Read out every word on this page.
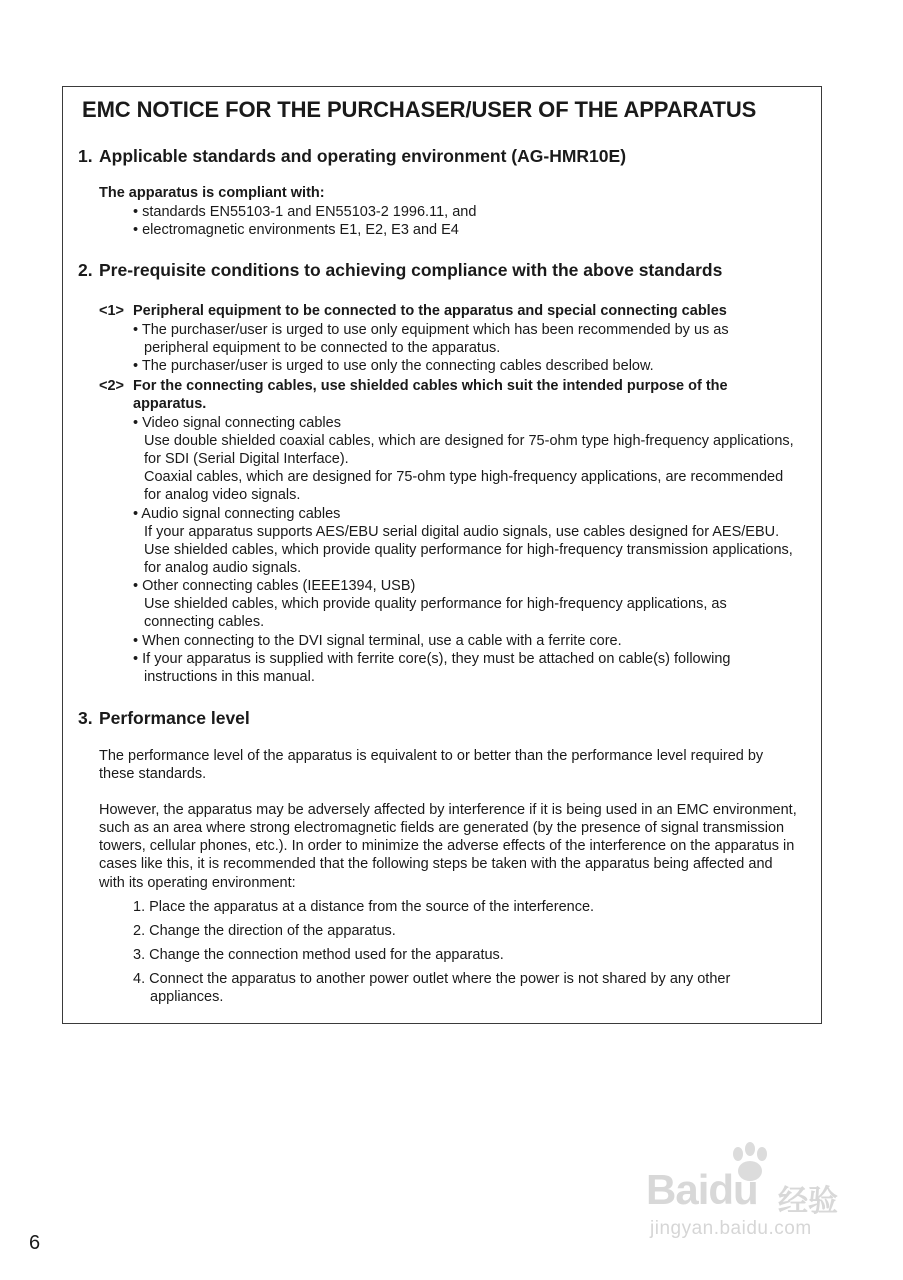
EMC NOTICE FOR THE PURCHASER/USER OF THE APPARATUS
1. Applicable standards and operating environment (AG-HMR10E)
The apparatus is compliant with:
• standards EN55103-1 and EN55103-2 1996.11, and
• electromagnetic environments E1, E2, E3 and E4
2. Pre-requisite conditions to achieving compliance with the above standards
<1> Peripheral equipment to be connected to the apparatus and special connecting cables
• The purchaser/user is urged to use only equipment which has been recommended by us as
peripheral equipment to be connected to the apparatus.
• The purchaser/user is urged to use only the connecting cables described below.
<2> For the connecting cables, use shielded cables which suit the intended purpose of the
apparatus.
• Video signal connecting cables
Use double shielded coaxial cables, which are designed for 75-ohm type high-frequency applications,
for SDI (Serial Digital Interface).
Coaxial cables, which are designed for 75-ohm type high-frequency applications, are recommended
for analog video signals.
• Audio signal connecting cables
If your apparatus supports AES/EBU serial digital audio signals, use cables designed for AES/EBU.
Use shielded cables, which provide quality performance for high-frequency transmission applications,
for analog audio signals.
• Other connecting cables (IEEE1394, USB)
Use shielded cables, which provide quality performance for high-frequency applications, as
connecting cables.
• When connecting to the DVI signal terminal, use a cable with a ferrite core.
• If your apparatus is supplied with ferrite core(s), they must be attached on cable(s) following
instructions in this manual.
3. Performance level
The performance level of the apparatus is equivalent to or better than the performance level required by
these standards.
However, the apparatus may be adversely affected by interference if it is being used in an EMC environment,
such as an area where strong electromagnetic fields are generated (by the presence of signal transmission
towers, cellular phones, etc.). In order to minimize the adverse effects of the interference on the apparatus in
cases like this, it is recommended that the following steps be taken with the apparatus being affected and
with its operating environment:
1. Place the apparatus at a distance from the source of the interference.
2. Change the direction of the apparatus.
3. Change the connection method used for the apparatus.
4. Connect the apparatus to another power outlet where the power is not shared by any other
appliances.
6
Baidu 经验
jingyan.baidu.com
